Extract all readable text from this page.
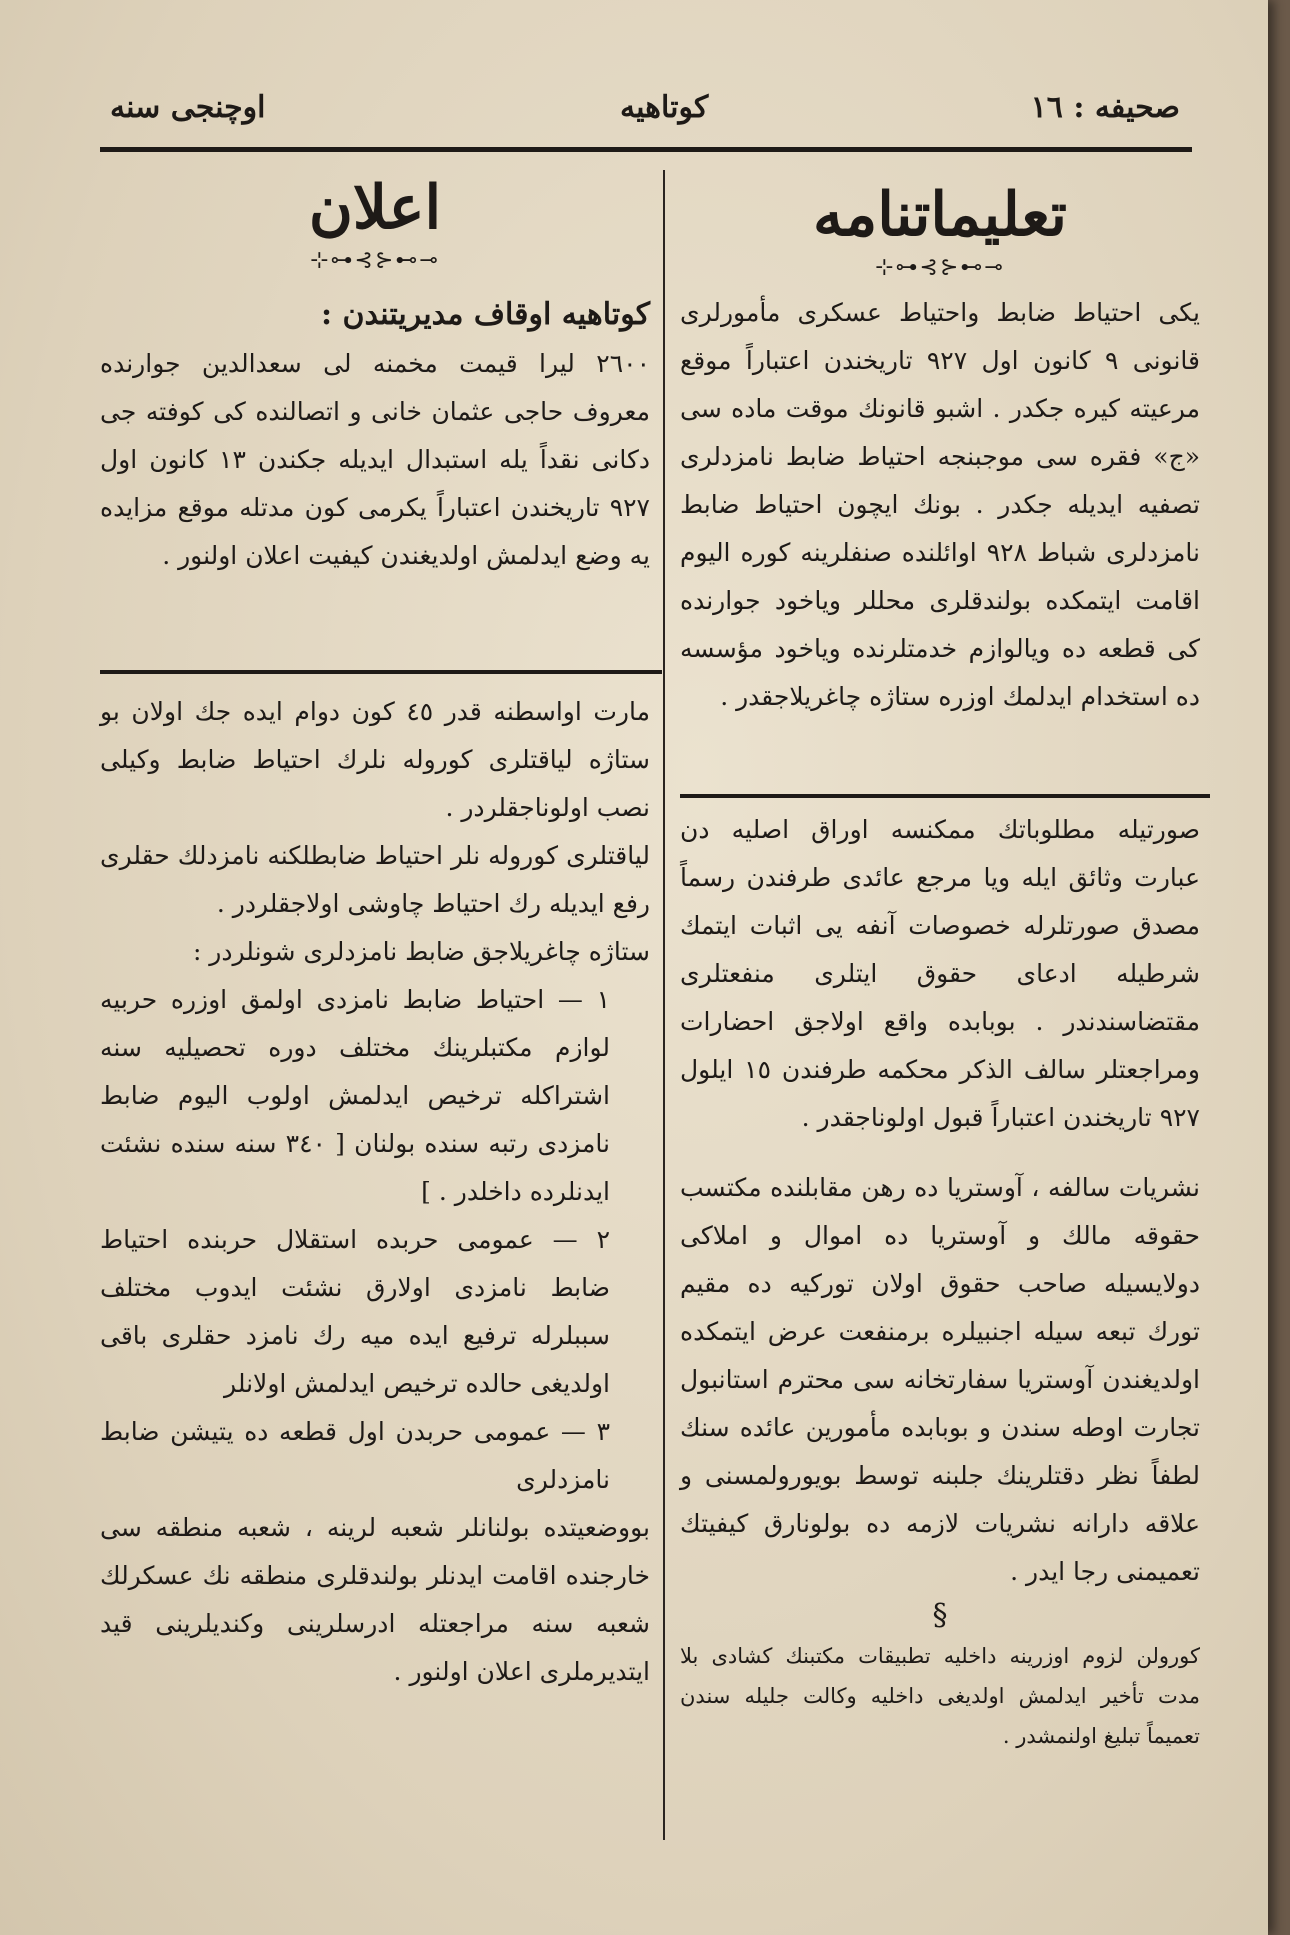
صحيفه : ١٦
كوتاهيه
اوچنجى سنه

تعليماتنامه

⊸⊶⊰⊱⊷⊹

يكى احتياط ضابط واحتياط عسكرى مأمورلرى قانونى ٩ كانون اول ٩٢٧ تاريخندن اعتباراً موقع مرعيته كيره جكدر . اشبو قانونك موقت ماده سى «ج» فقره سى موجبنجه احتياط ضابط نامزدلرى تصفيه ايديله جكدر . بونك ايچون احتياط ضابط نامزدلرى شباط ٩٢٨ اوائلنده صنفلرينه كوره اليوم اقامت ايتمكده بولندقلرى محللر وياخود جوارنده كى قطعه ده ويالوازم خدمتلرنده وياخود مؤسسه ده استخدام ايدلمك اوزره ستاژه چاغريلاجقدر .

صورتيله مطلوباتك ممكنسه اوراق اصليه دن عبارت وثائق ايله ويا مرجع عائدى طرفندن رسماً مصدق صورتلرله خصوصات آنفه يى اثبات ايتمك شرطيله ادعاى حقوق ايتلرى منفعتلرى مقتضاسندندر . بوبابده واقع اولاجق احضارات ومراجعتلر سالف الذكر محكمه طرفندن ١٥ ايلول ٩٢٧ تاريخندن اعتباراً قبول اولوناجقدر .

نشريات سالفه ، آوستريا ده رهن مقابلنده مكتسب حقوقه مالك و آوستريا ده اموال و املاكى دولايسيله صاحب حقوق اولان توركيه ده مقيم تورك تبعه سيله اجنبيلره برمنفعت عرض ايتمكده اولديغندن آوستريا سفارتخانه سى محترم استانبول تجارت اوطه سندن و بوبابده مأمورين عائده سنك لطفاً نظر دقتلرينك جلبنه توسط بويورولمسنى و علاقه دارانه نشريات لازمه ده بولونارق كيفيتك تعميمنى رجا ايدر .

§

كورولن لزوم اوزرينه داخليه تطبيقات مكتبنك كشادى بلا مدت تأخير ايدلمش اولديغى داخليه وكالت جليله سندن تعميماً تبليغ اولنمشدر .

اعلان

⊸⊶⊰⊱⊷⊹

كوتاهيه اوقاف مديريتندن :

٢٦٠٠ ليرا قيمت مخمنه لى سعدالدين جوارنده معروف حاجى عثمان خانى و اتصالنده كى كوفته جى دكانى نقداً يله استبدال ايديله جكندن ١٣ كانون اول ٩٢٧ تاريخندن اعتباراً يكرمى كون مدتله موقع مزايده يه وضع ايدلمش اولديغندن كيفيت اعلان اولنور .

مارت اواسطنه قدر ٤٥ كون دوام ايده جك اولان بو ستاژه لياقتلرى كوروله نلرك احتياط ضابط وكيلى نصب اولوناجقلردر .

لياقتلرى كوروله نلر احتياط ضابطلكنه نامزدلك حقلرى رفع ايديله رك احتياط چاوشى اولاجقلردر .

ستاژه چاغريلاجق ضابط نامزدلرى شونلردر :

١ — احتياط ضابط نامزدى اولمق اوزره حربيه لوازم مكتبلرينك مختلف دوره تحصيليه سنه اشتراكله ترخيص ايدلمش اولوب اليوم ضابط نامزدى رتبه سنده بولنان [ ٣٤٠ سنه سنده نشئت ايدنلرده داخلدر . ]

٢ — عمومى حربده استقلال حربنده احتياط ضابط نامزدى اولارق نشئت ايدوب مختلف سببلرله ترفيع ايده ميه رك نامزد حقلرى باقى اولديغى حالده ترخيص ايدلمش اولانلر

٣ — عمومى حربدن اول قطعه ده يتيشن ضابط نامزدلرى

بووضعيتده بولنانلر شعبه لرينه ، شعبه منطقه سى خارجنده اقامت ايدنلر بولندقلرى منطقه نك عسكرلك شعبه سنه مراجعتله ادرسلرينى وكنديلرينى قيد ايتديرملرى اعلان اولنور .
